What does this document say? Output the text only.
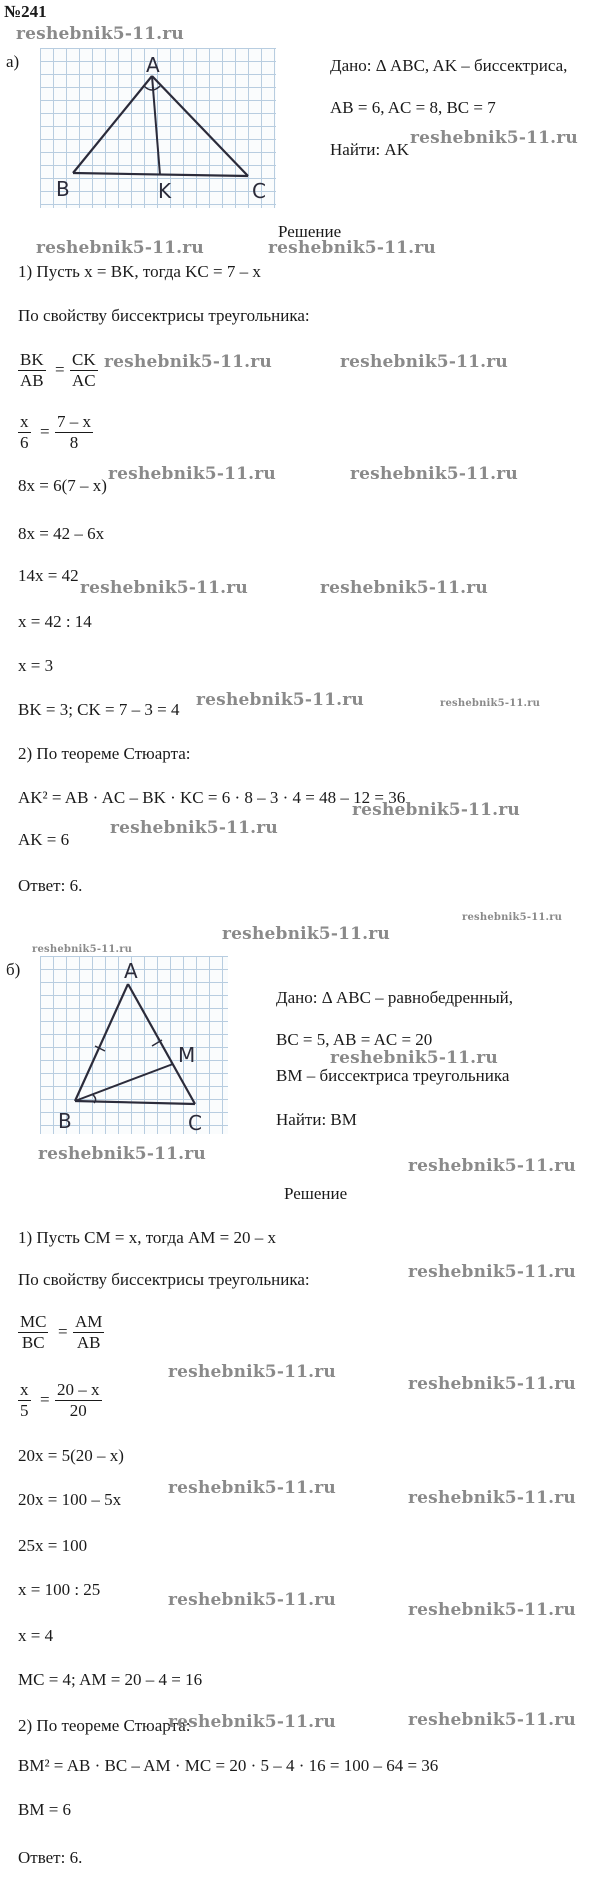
№241
reshebnik5-11.ru
а)	A
B	K	C
Дано: Δ ABC, AK – биссектриса,
AB = 6, AC = 8, BC = 7
Найти: AK
reshebnik5-11.ru
Решение
reshebnik5-11.ru	reshebnik5-11.ru
1) Пусть x = BK, тогда KC = 7 – x
По свойству биссектрисы треугольника:
$\frac{BK}{AB} = \frac{CK}{AC}$ reshebnik5-11.ru	reshebnik5-11.ru
$\frac{x}{6} = \frac{7 - x}{8}$
8x = 6(7 – x)
reshebnik5-11.ru	reshebnik5-11.ru
8x = 42 – 6x
14x = 42
reshebnik5-11.ru	reshebnik5-11.ru
x = 42 : 14
x = 3
BK = 3; CK = 7 – 3 = 4 reshebnik5-11.ru	reshebnik5-11.ru
2) По теореме Стюарта:
AK² = AB · AC – BK · KC = 6 · 8 – 3 · 4 = 48 – 12 = 36
reshebnik5-11.ru
AK = 6
reshebnik5-11.ru
Ответ: 6.
reshebnik5-11.ru
reshebnik5-11.ru
reshebnik5-11.ru
б)	A
B
M
C
Дано: Δ ABC – равнобедренный,
BC = 5, AB = AC = 20
reshebnik5-11.ru
BM – биссектриса треугольника
Найти: BM
reshebnik5-11.ru
reshebnik5-11.ru
Решение
1) Пусть CM = x, тогда AM = 20 – x
По свойству биссектрисы треугольника:	reshebnik5-11.ru
$\frac{MC}{BC} = \frac{AM}{AB}$
reshebnik5-11.ru
reshebnik5-11.ru
$\frac{x}{5} = \frac{20 - x}{20}$
20x = 5(20 – x)
reshebnik5-11.ru	reshebnik5-11.ru
20x = 100 – 5x
25x = 100
x = 100 : 25
reshebnik5-11.ru	reshebnik5-11.ru
x = 4
MC = 4; AM = 20 – 4 = 16
2) По теореме Стюарта:
reshebnik5-11.ru	reshebnik5-11.ru
BM² = AB · BC – AM · MC = 20 · 5 – 4 · 16 = 100 – 64 = 36
BM = 6
Ответ: 6.
